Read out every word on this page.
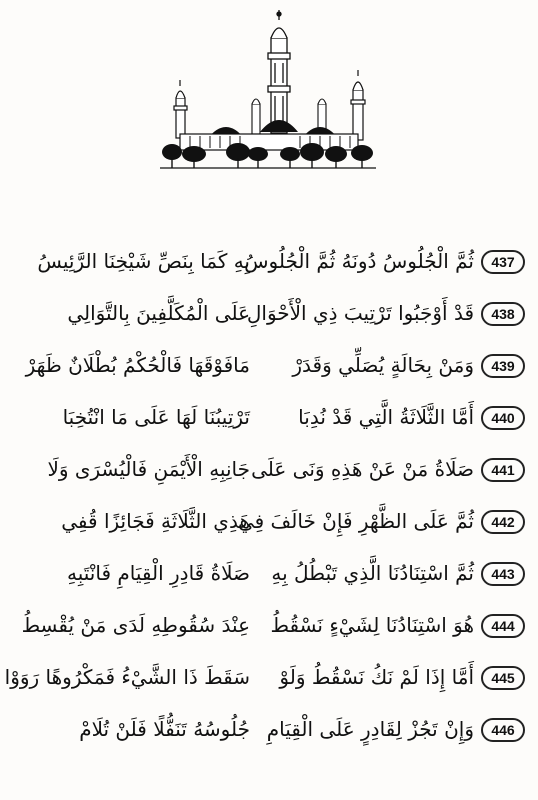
437
ثُمَّ الْجُلُوسُ دُونَهُ ثُمَّ الْجُلُوسُ
بِهِ كَمَا بِنَصِّ شَيْخِنَا الرَّئِيسُ
438
قَدْ أَوْجَبُوا تَرْتِيبَ ذِي الْأَحْوَالِ
عَلَى الْمُكَلَّفِينَ بِالتَّوَالِي
439
وَمَنْ بِحَالَةٍ يُصَلِّي وَقَدَرْ
مَافَوْقَهَا فَالْحُكْمُ بُطْلَانٌ ظَهَرْ
440
أَمَّا الثَّلَاثَةُ الَّتِي قَدْ نُدِبَا
تَرْتِيبُنَا لَهَا عَلَى مَا انْتُخِبَا
441
صَلَاةُ مَنْ عَنْ هَذِهِ وَنَى عَلَى
جَانِبِهِ الْأَيْمَنِ فَالْيُسْرَى وَلَا
442
ثُمَّ عَلَى الظَّهْرِ فَإِنْ خَالَفَ فِي
هَذِي الثَّلَاثَةِ فَجَائِزًا قُفِي
443
ثُمَّ اسْتِنَادُنَا الَّذِي تَبْطُلُ بِهِ
صَلَاةُ قَادِرِ الْقِيَامِ فَانْتَبِهِ
444
هُوَ اسْتِنَادُنَا لِشَيْءٍ نَسْقُطُ
عِنْدَ سُقُوطِهِ لَدَى مَنْ يُقْسِطُ
445
أَمَّا إِذَا لَمْ نَكُ نَسْقُطُ وَلَوْ
سَقَطَ ذَا الشَّيْءُ فَمَكْرُوهًا رَوَوْا
446
وَإِنْ تَجُزْ لِقَادِرٍ عَلَى الْقِيَامِ
جُلُوسُهُ تَنَفُّلًا فَلَنْ تُلَامْ
